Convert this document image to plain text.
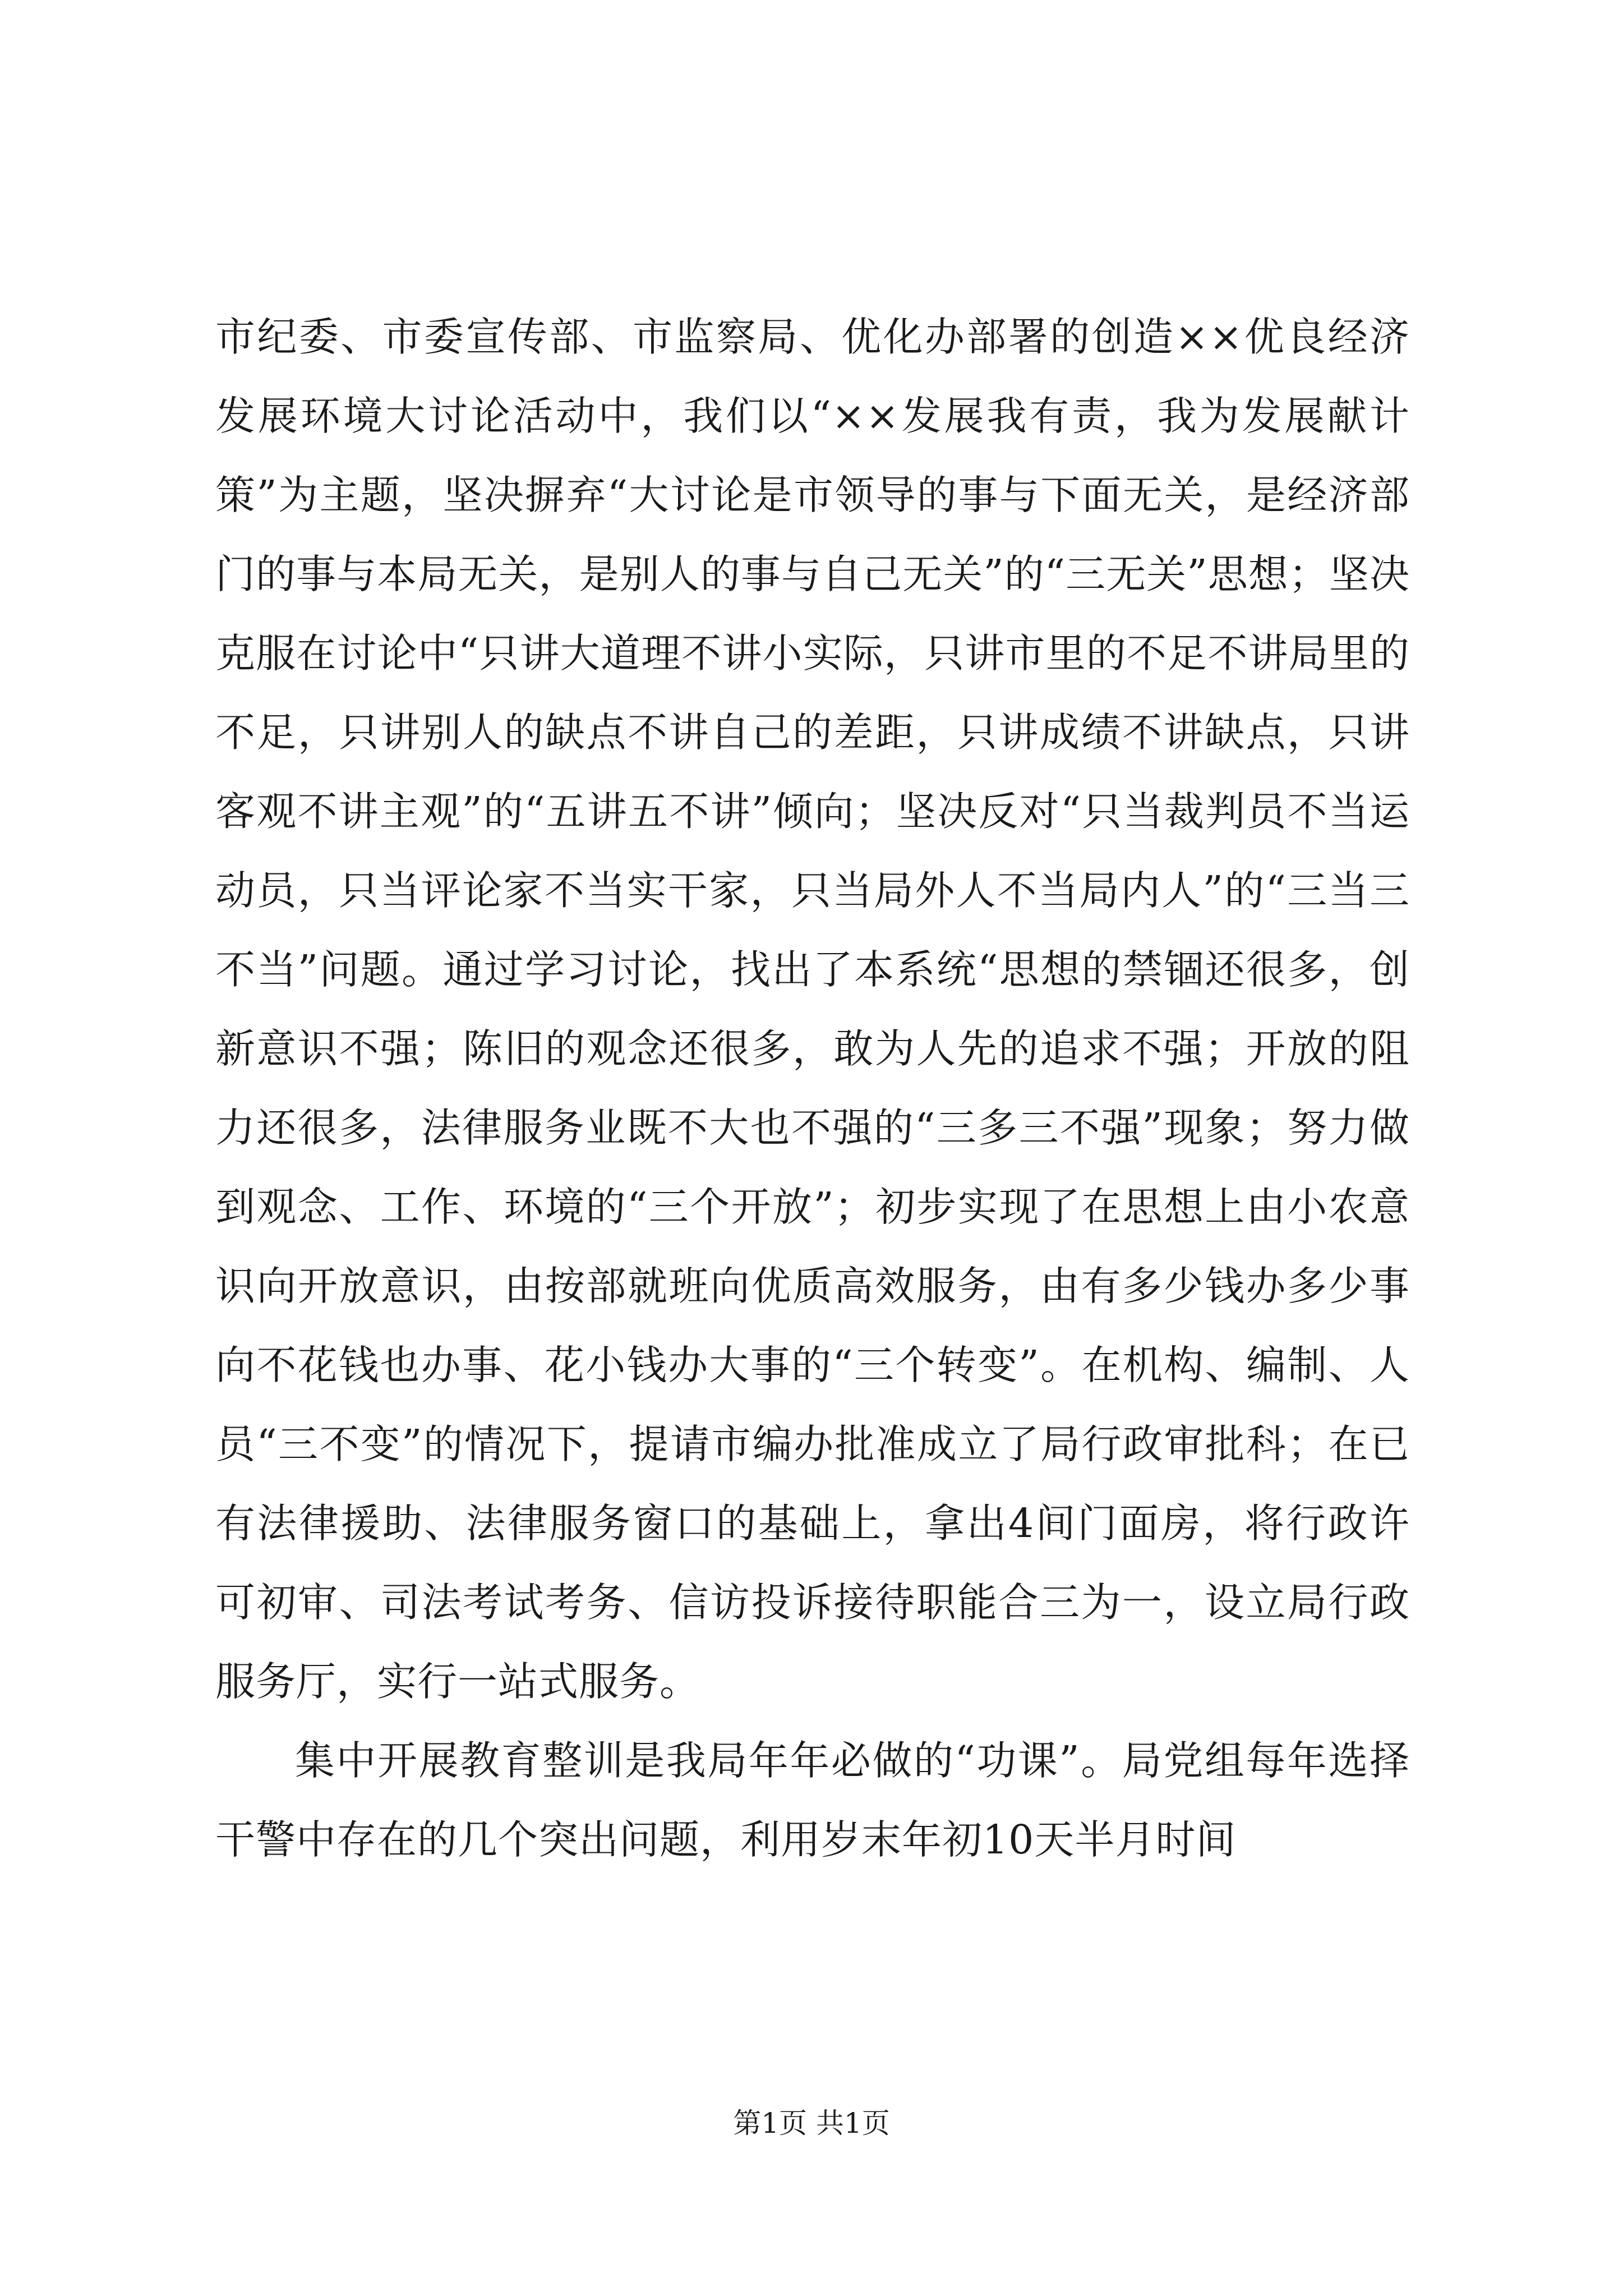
市纪委、市委宣传部、市监察局、优化办部署的创造××优良经济发展环境大讨论活动中，我们以“××发展我有责，我为发展献计策”为主题，坚决摒弃“大讨论是市领导的事与下面无关，是经济部门的事与本局无关，是别人的事与自己无关”的“三无关”思想；坚决克服在讨论中“只讲大道理不讲小实际，只讲市里的不足不讲局里的不足，只讲别人的缺点不讲自己的差距，只讲成绩不讲缺点，只讲客观不讲主观”的“五讲五不讲”倾向；坚决反对“只当裁判员不当运动员，只当评论家不当实干家，只当局外人不当局内人”的“三当三不当”问题。通过学习讨论，找出了本系统“思想的禁锢还很多，创新意识不强；陈旧的观念还很多，敢为人先的追求不强；开放的阻力还很多，法律服务业既不大也不强的“三多三不强”现象；努力做到观念、工作、环境的“三个开放”；初步实现了在思想上由小农意识向开放意识，由按部就班向优质高效服务，由有多少钱办多少事向不花钱也办事、花小钱办大事的“三个转变”。在机构、编制、人员“三不变”的情况下，提请市编办批准成立了局行政审批科；在已有法律援助、法律服务窗口的基础上，拿出4间门面房，将行政许可初审、司法考试考务、信访投诉接待职能合三为一，设立局行政服务厅，实行一站式服务。

集中开展教育整训是我局年年必做的“功课”。局党组每年选择干警中存在的几个突出问题，利用岁末年初10天半月时间

第1页 共1页
